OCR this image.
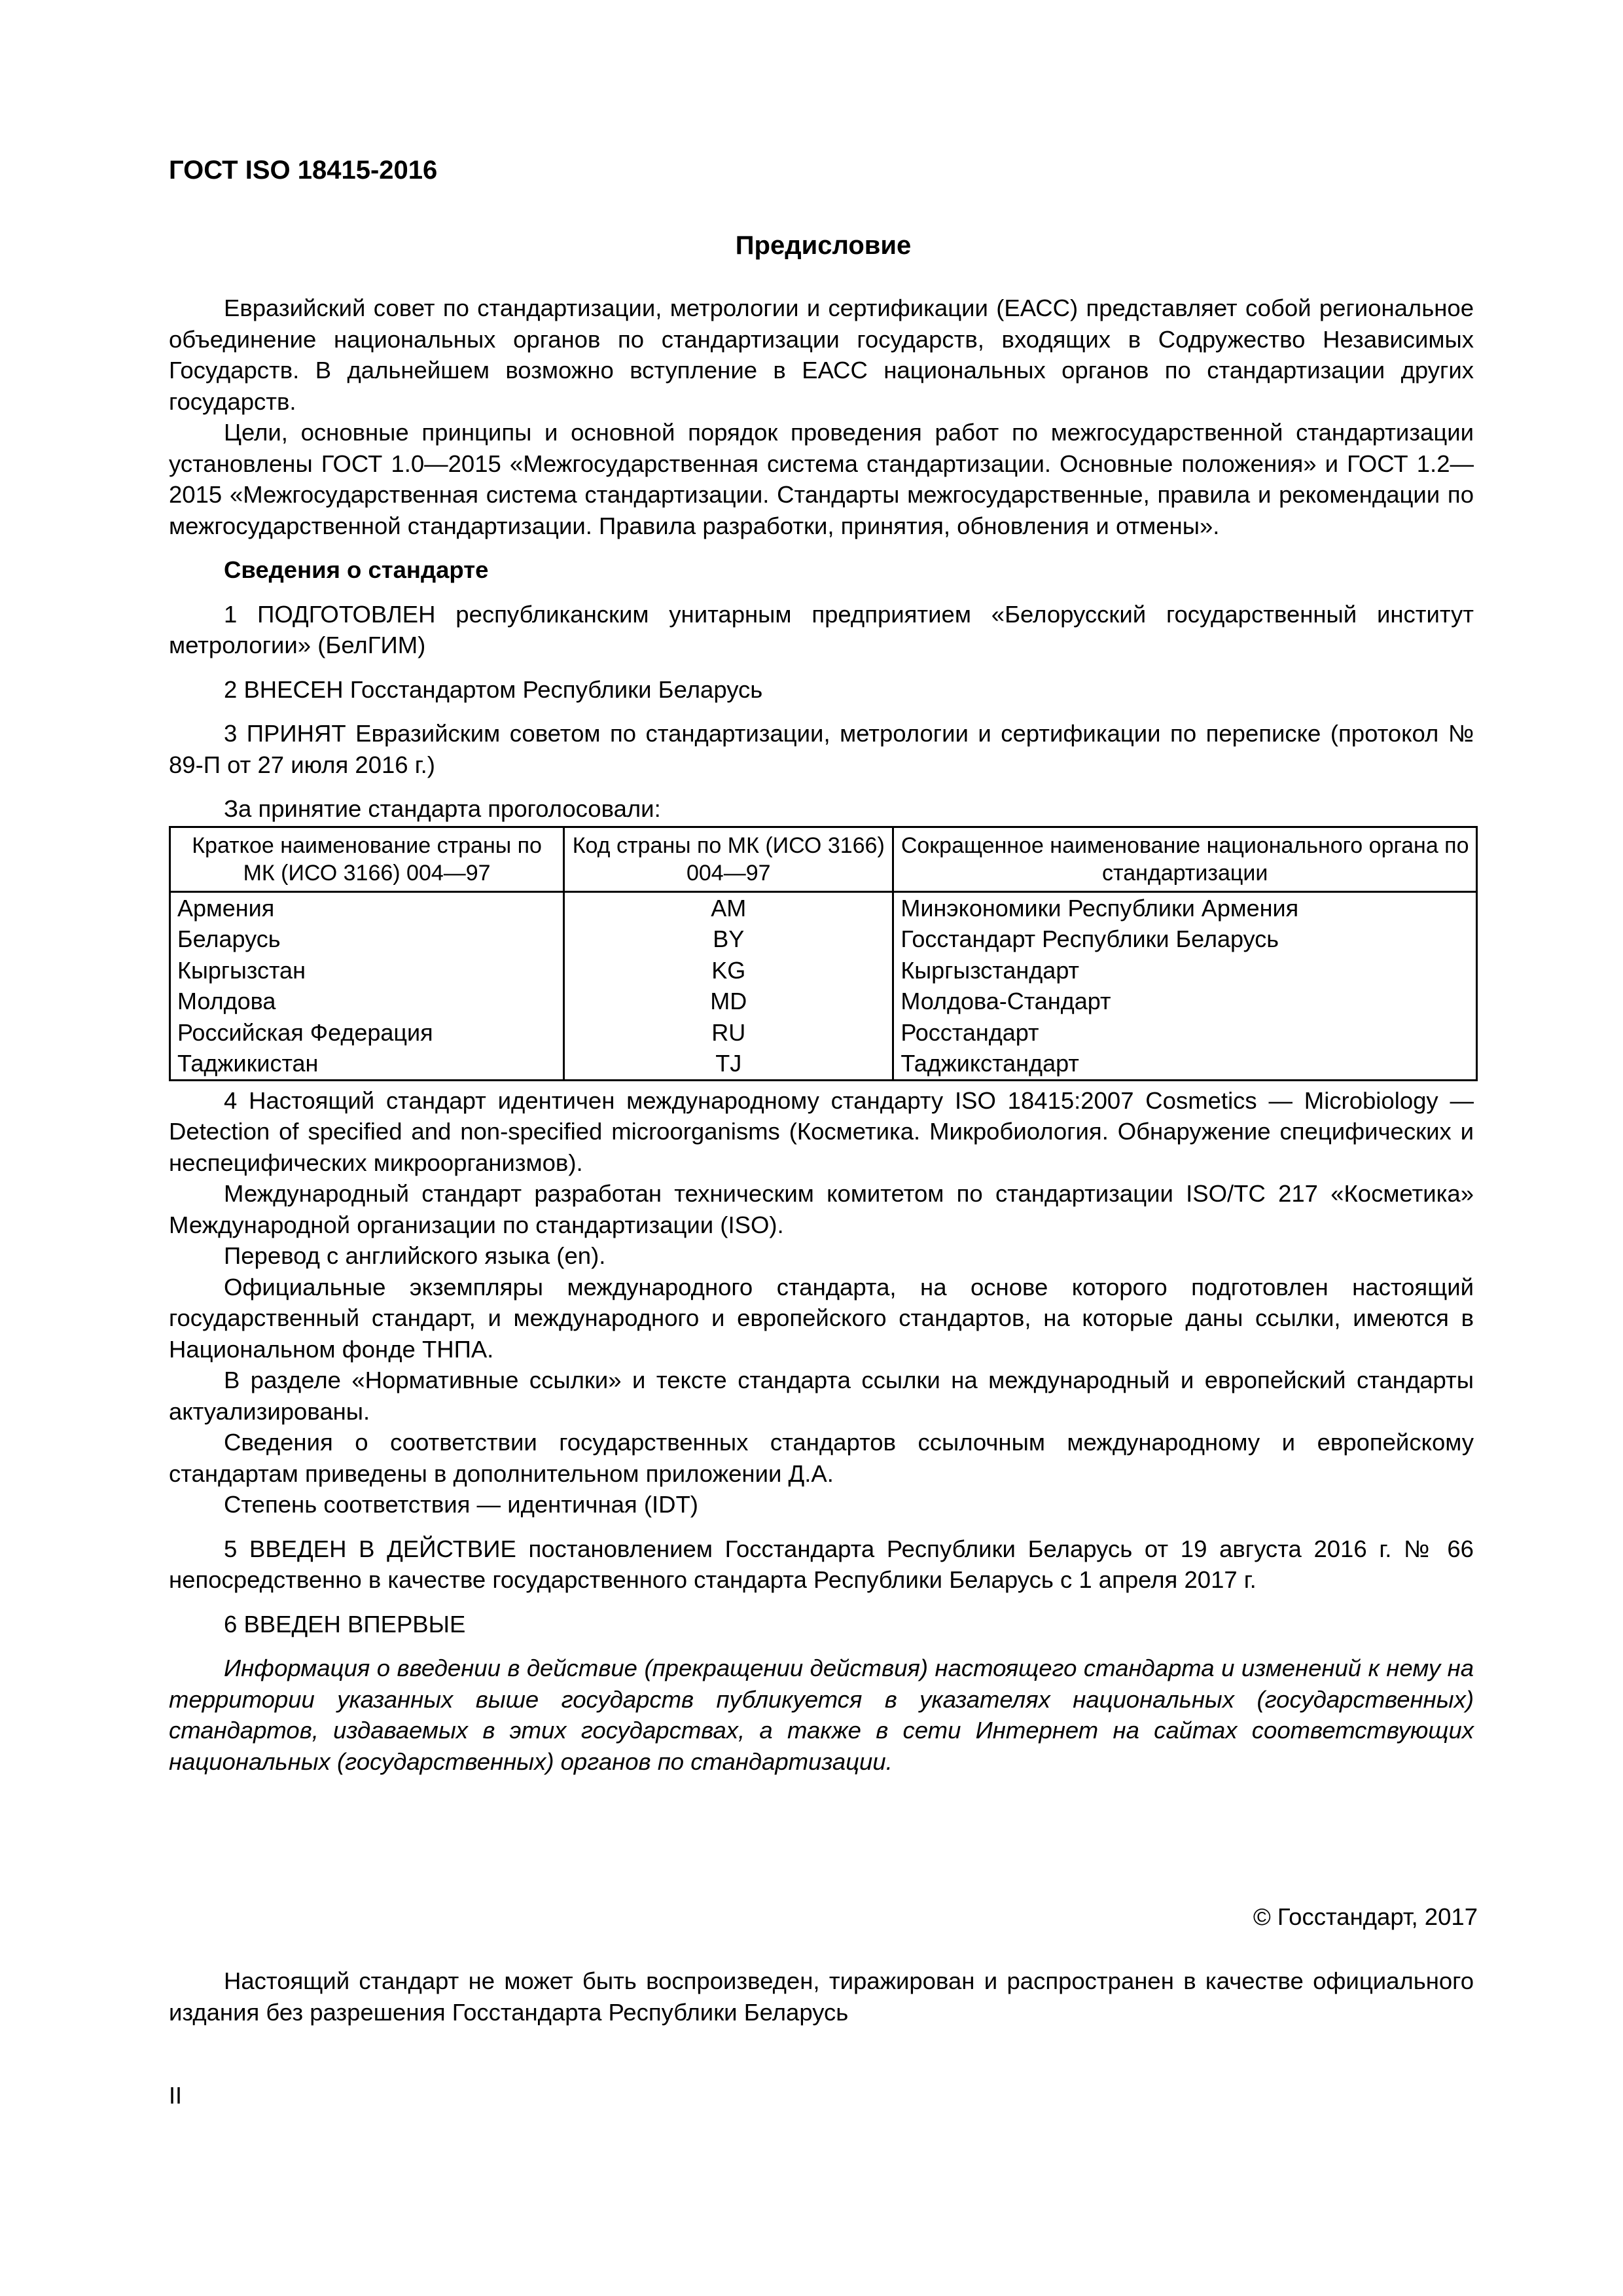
ГОСТ ISO 18415-2016
Предисловие

Евразийский совет по стандартизации, метрологии и сертификации (ЕАСС) представляет собой региональное объединение национальных органов по стандартизации государств, входящих в Содружество Независимых Государств. В дальнейшем возможно вступление в ЕАСС национальных органов по стандартизации других государств.

Цели, основные принципы и основной порядок проведения работ по межгосударственной стандартизации установлены ГОСТ 1.0—2015 «Межгосударственная система стандартизации. Основные положения» и ГОСТ 1.2—2015 «Межгосударственная система стандартизации. Стандарты межгосударственные, правила и рекомендации по межгосударственной стандартизации. Правила разработки, принятия, обновления и отмены».

Сведения о стандарте

1 ПОДГОТОВЛЕН республиканским унитарным предприятием «Белорусский государственный институт метрологии» (БелГИМ)

2 ВНЕСЕН Госстандартом Республики Беларусь

3 ПРИНЯТ Евразийским советом по стандартизации, метрологии и сертификации по переписке (протокол № 89-П от 27 июля 2016 г.)

За принятие стандарта проголосовали:

Краткое наименование страны по МК (ИСО 3166) 004—97	Код страны по МК (ИСО 3166) 004—97	Сокращенное наименование национального органа по стандартизации
Армения	AM	Минэкономики Республики Армения
Беларусь	BY	Госстандарт Республики Беларусь
Кыргызстан	KG	Кыргызстандарт
Молдова	MD	Молдова-Стандарт
Российская Федерация	RU	Росстандарт
Таджикистан	TJ	Таджикстандарт

4 Настоящий стандарт идентичен международному стандарту ISO 18415:2007 Cosmetics — Microbiology — Detection of specified and non-specified microorganisms (Косметика. Микробиология. Обнаружение специфических и неспецифических микроорганизмов).

Международный стандарт разработан техническим комитетом по стандартизации ISO/TC 217 «Косметика» Международной организации по стандартизации (ISO).

Перевод с английского языка (en).

Официальные экземпляры международного стандарта, на основе которого подготовлен настоящий государственный стандарт, и международного и европейского стандартов, на которые даны ссылки, имеются в Национальном фонде ТНПА.

В разделе «Нормативные ссылки» и тексте стандарта ссылки на международный и европейский стандарты актуализированы.

Сведения о соответствии государственных стандартов ссылочным международному и европейскому стандартам приведены в дополнительном приложении Д.А.

Степень соответствия — идентичная (IDT)

5 ВВЕДЕН В ДЕЙСТВИЕ постановлением Госстандарта Республики Беларусь от 19 августа 2016 г. № 66 непосредственно в качестве государственного стандарта Республики Беларусь с 1 апреля 2017 г.

6 ВВЕДЕН ВПЕРВЫЕ

Информация о введении в действие (прекращении действия) настоящего стандарта и изменений к нему на территории указанных выше государств публикуется в указателях национальных (государственных) стандартов, издаваемых в этих государствах, а также в сети Интернет на сайтах соответствующих национальных (государственных) органов по стандартизации.

© Госстандарт, 2017

Настоящий стандарт не может быть воспроизведен, тиражирован и распространен в качестве официального издания без разрешения Госстандарта Республики Беларусь

II
